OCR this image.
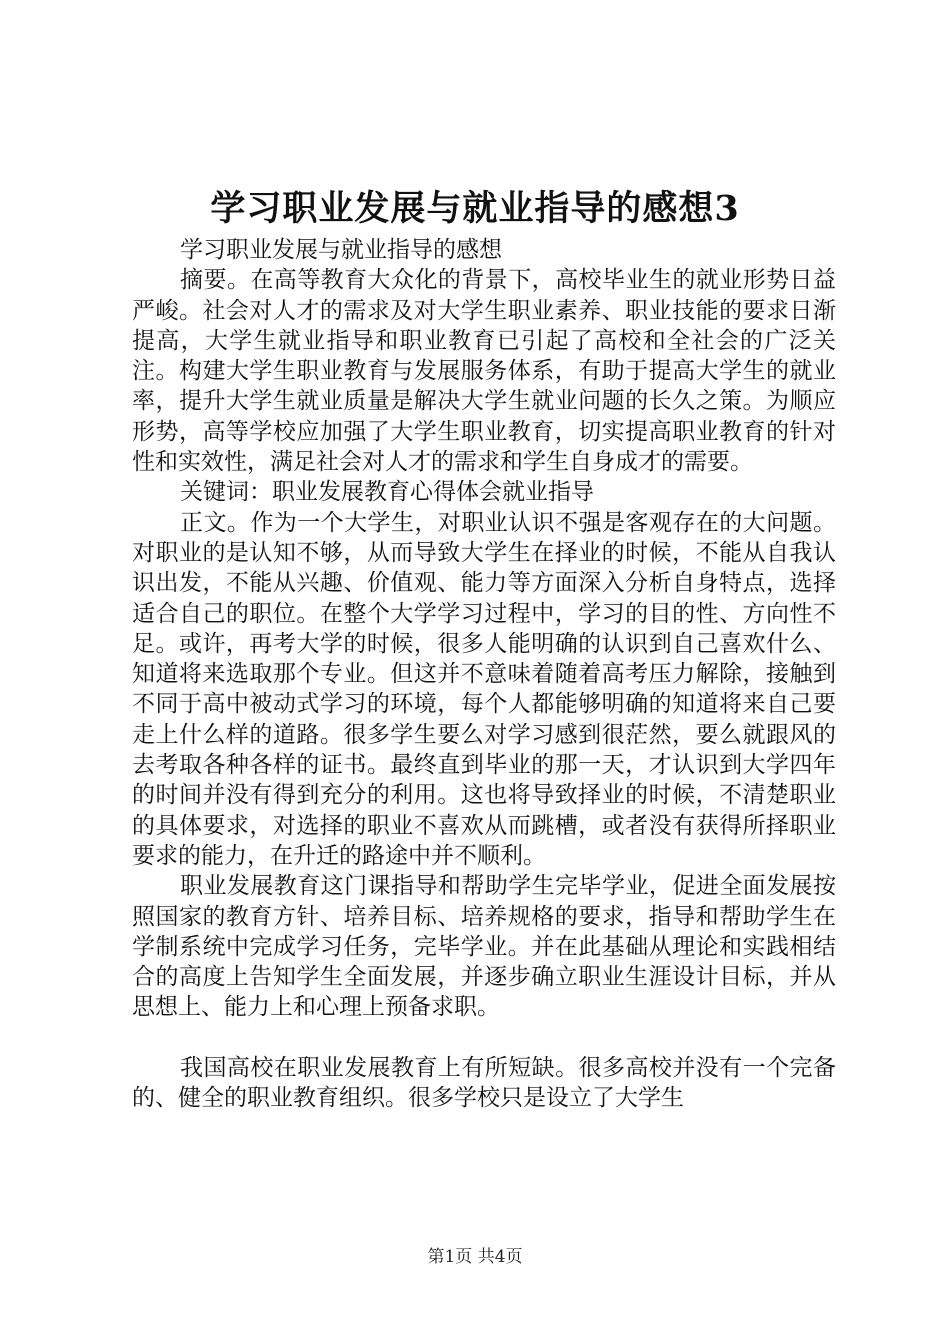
学习职业发展与就业指导的感想3

学习职业发展与就业指导的感想

摘要。在高等教育大众化的背景下，高校毕业生的就业形势日益严峻。社会对人才的需求及对大学生职业素养、职业技能的要求日渐提高，大学生就业指导和职业教育已引起了高校和全社会的广泛关注。构建大学生职业教育与发展服务体系，有助于提高大学生的就业率，提升大学生就业质量是解决大学生就业问题的长久之策。为顺应形势，高等学校应加强了大学生职业教育，切实提高职业教育的针对性和实效性，满足社会对人才的需求和学生自身成才的需要。

关键词：职业发展教育心得体会就业指导

正文。作为一个大学生，对职业认识不强是客观存在的大问题。对职业的是认知不够，从而导致大学生在择业的时候，不能从自我认识出发，不能从兴趣、价值观、能力等方面深入分析自身特点，选择适合自己的职位。在整个大学学习过程中，学习的目的性、方向性不足。或许，再考大学的时候，很多人能明确的认识到自己喜欢什么、知道将来选取那个专业。但这并不意味着随着高考压力解除，接触到不同于高中被动式学习的环境，每个人都能够明确的知道将来自己要走上什么样的道路。很多学生要么对学习感到很茫然，要么就跟风的去考取各种各样的证书。最终直到毕业的那一天，才认识到大学四年的时间并没有得到充分的利用。这也将导致择业的时候，不清楚职业的具体要求，对选择的职业不喜欢从而跳槽，或者没有获得所择职业要求的能力，在升迁的路途中并不顺利。

职业发展教育这门课指导和帮助学生完毕学业，促进全面发展按照国家的教育方针、培养目标、培养规格的要求，指导和帮助学生在学制系统中完成学习任务，完毕学业。并在此基础从理论和实践相结合的高度上告知学生全面发展，并逐步确立职业生涯设计目标，并从思想上、能力上和心理上预备求职。

我国高校在职业发展教育上有所短缺。很多高校并没有一个完备的、健全的职业教育组织。很多学校只是设立了大学生

第1页 共4页
